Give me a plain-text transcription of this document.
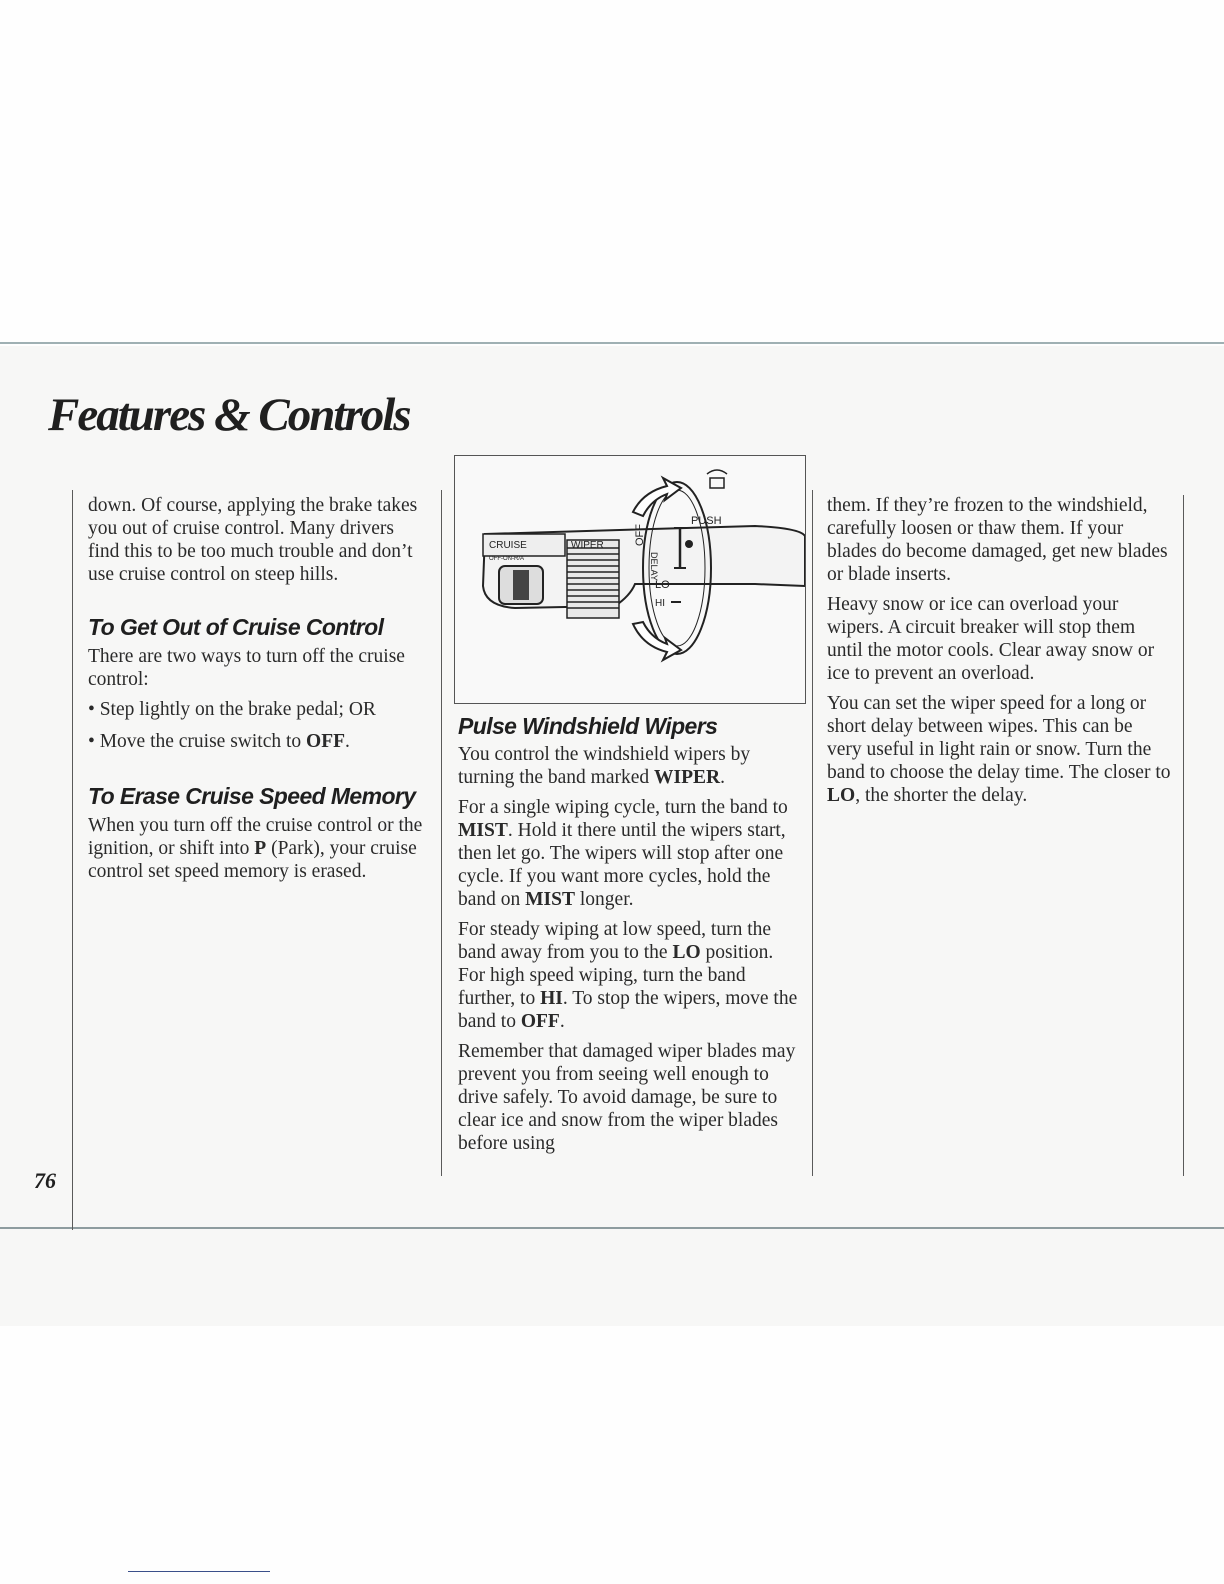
Features & Controls

down. Of course, applying the brake takes you out of cruise control. Many drivers find this to be too much trouble and don’t use cruise control on steep hills.

To Get Out of Cruise Control

There are two ways to turn off the cruise control:

• Step lightly on the brake pedal; OR
• Move the cruise switch to OFF.
To Erase Cruise Speed Memory

When you turn off the cruise control or the ignition, or shift into P (Park), your cruise control set speed memory is erased.

CRUISE
OFF-ON-R/A
WIPER	OFF
DELAY
LO
HI
PUSH
Pulse Windshield Wipers

You control the windshield wipers by turning the band marked WIPER.

For a single wiping cycle, turn the band to MIST. Hold it there until the wipers start, then let go. The wipers will stop after one cycle. If you want more cycles, hold the band on MIST longer.

For steady wiping at low speed, turn the band away from you to the LO position. For high speed wiping, turn the band further, to HI. To stop the wipers, move the band to OFF.

Remember that damaged wiper blades may prevent you from seeing well enough to drive safely. To avoid damage, be sure to clear ice and snow from the wiper blades before using

them. If they’re frozen to the windshield, carefully loosen or thaw them. If your blades do become damaged, get new blades or blade inserts.

Heavy snow or ice can overload your wipers. A circuit breaker will stop them until the motor cools. Clear away snow or ice to prevent an overload.

You can set the wiper speed for a long or short delay between wipes. This can be very useful in light rain or snow. Turn the band to choose the delay time. The closer to LO, the shorter the delay.

76
